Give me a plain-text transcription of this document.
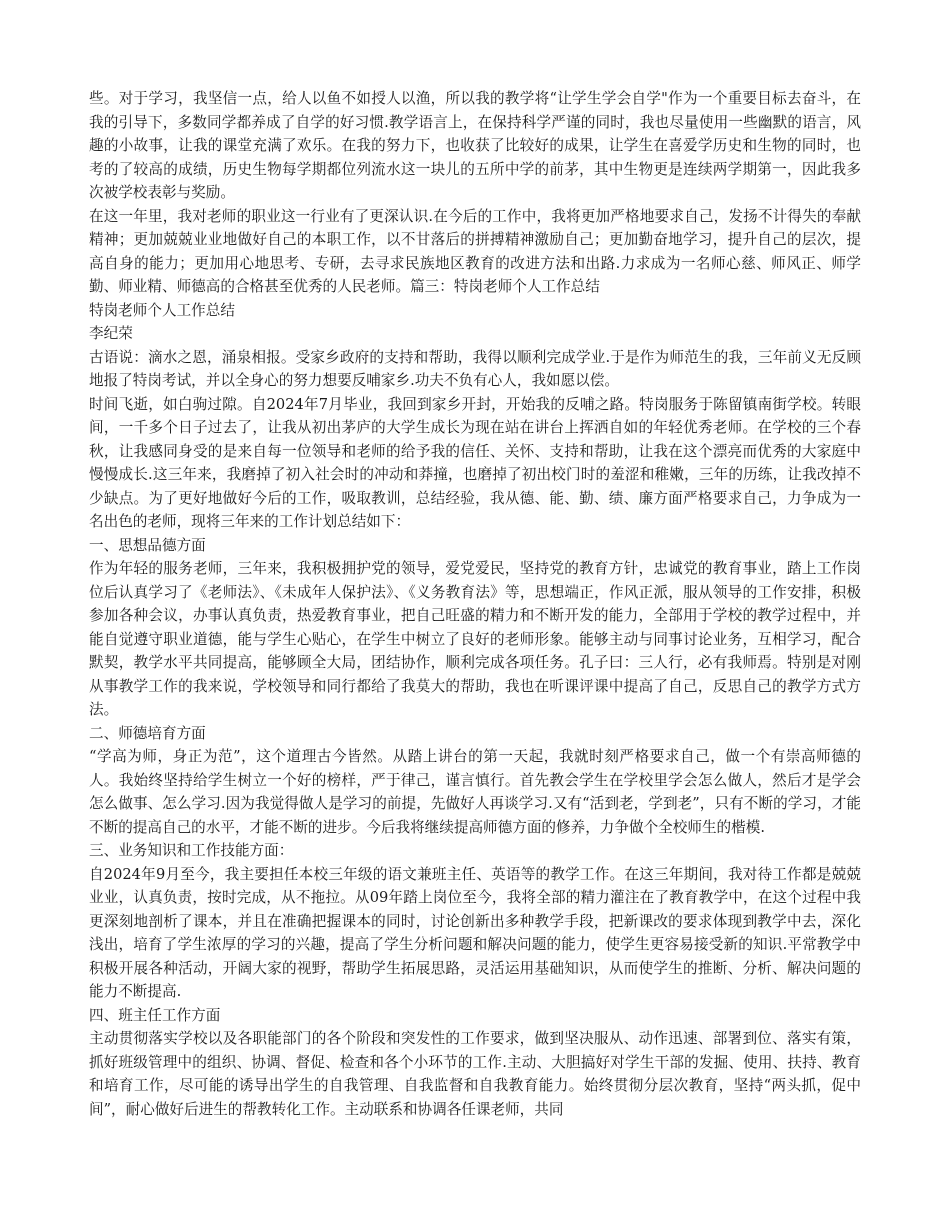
些。对于学习，我坚信一点，给人以鱼不如授人以渔，所以我的教学将“让学生学会自学"作为一个重要目标去奋斗，在我的引导下，多数同学都养成了自学的好习惯.教学语言上，在保持科学严谨的同时，我也尽量使用一些幽默的语言，风趣的小故事，让我的课堂充满了欢乐。在我的努力下，也收获了比较好的成果，让学生在喜爱学历史和生物的同时，也考的了较高的成绩，历史生物每学期都位列流水这一块儿的五所中学的前茅，其中生物更是连续两学期第一，因此我多次被学校表彰与奖励。

在这一年里，我对老师的职业这一行业有了更深认识.在今后的工作中，我将更加严格地要求自己，发扬不计得失的奉献精神；更加兢兢业业地做好自己的本职工作，以不甘落后的拼搏精神激励自己；更加勤奋地学习，提升自己的层次，提高自身的能力；更加用心地思考、专研，去寻求民族地区教育的改进方法和出路.力求成为一名师心慈、师风正、师学勤、师业精、师德高的合格甚至优秀的人民老师。篇三：特岗老师个人工作总结

特岗老师个人工作总结

李纪荣

古语说：滴水之恩，涌泉相报。受家乡政府的支持和帮助，我得以顺利完成学业.于是作为师范生的我，三年前义无反顾地报了特岗考试，并以全身心的努力想要反哺家乡.功夫不负有心人，我如愿以偿。

时间飞逝，如白驹过隙。自2024年7月毕业，我回到家乡开封，开始我的反哺之路。特岗服务于陈留镇南街学校。转眼间，一千多个日子过去了，让我从初出茅庐的大学生成长为现在站在讲台上挥洒自如的年轻优秀老师。在学校的三个春秋，让我感同身受的是来自每一位领导和老师的给予我的信任、关怀、支持和帮助，让我在这个漂亮而优秀的大家庭中慢慢成长.这三年来，我磨掉了初入社会时的冲动和莽撞，也磨掉了初出校门时的羞涩和稚嫩，三年的历练，让我改掉不少缺点。为了更好地做好今后的工作，吸取教训，总结经验，我从德、能、勤、绩、廉方面严格要求自己，力争成为一名出色的老师，现将三年来的工作计划总结如下：

一、思想品德方面

作为年轻的服务老师，三年来，我积极拥护党的领导，爱党爱民，坚持党的教育方针，忠诚党的教育事业，踏上工作岗位后认真学习了《老师法》、《未成年人保护法》、《义务教育法》等，思想端正，作风正派，服从领导的工作安排，积极参加各种会议，办事认真负责，热爱教育事业，把自己旺盛的精力和不断开发的能力，全部用于学校的教学过程中，并能自觉遵守职业道德，能与学生心贴心，在学生中树立了良好的老师形象。能够主动与同事讨论业务，互相学习，配合默契，教学水平共同提高，能够顾全大局，团结协作，顺利完成各项任务。孔子曰：三人行，必有我师焉。特别是对刚从事教学工作的我来说，学校领导和同行都给了我莫大的帮助，我也在听课评课中提高了自己，反思自己的教学方式方法。

二、师德培育方面

“学高为师，身正为范”，这个道理古今皆然。从踏上讲台的第一天起，我就时刻严格要求自己，做一个有崇高师德的人。我始终坚持给学生树立一个好的榜样，严于律己，谨言慎行。首先教会学生在学校里学会怎么做人，然后才是学会怎么做事、怎么学习.因为我觉得做人是学习的前提，先做好人再谈学习.又有“活到老，学到老”，只有不断的学习，才能不断的提高自己的水平，才能不断的进步。今后我将继续提高师德方面的修养，力争做个全校师生的楷模.

三、业务知识和工作技能方面：

自2024年9月至今，我主要担任本校三年级的语文兼班主任、英语等的教学工作。在这三年期间，我对待工作都是兢兢业业，认真负责，按时完成，从不拖拉。从09年踏上岗位至今，我将全部的精力灌注在了教育教学中，在这个过程中我更深刻地剖析了课本，并且在准确把握课本的同时，讨论创新出多种教学手段，把新课改的要求体现到教学中去，深化浅出，培育了学生浓厚的学习的兴趣，提高了学生分析问题和解决问题的能力，使学生更容易接受新的知识.平常教学中积极开展各种活动，开阔大家的视野，帮助学生拓展思路，灵活运用基础知识，从而使学生的推断、分析、解决问题的能力不断提高.

四、班主任工作方面

主动贯彻落实学校以及各职能部门的各个阶段和突发性的工作要求，做到坚决服从、动作迅速、部署到位、落实有策，抓好班级管理中的组织、协调、督促、检查和各个小环节的工作.主动、大胆搞好对学生干部的发掘、使用、扶持、教育和培育工作，尽可能的诱导出学生的自我管理、自我监督和自我教育能力。始终贯彻分层次教育，坚持“两头抓，促中间”，耐心做好后进生的帮教转化工作。主动联系和协调各任课老师，共同
